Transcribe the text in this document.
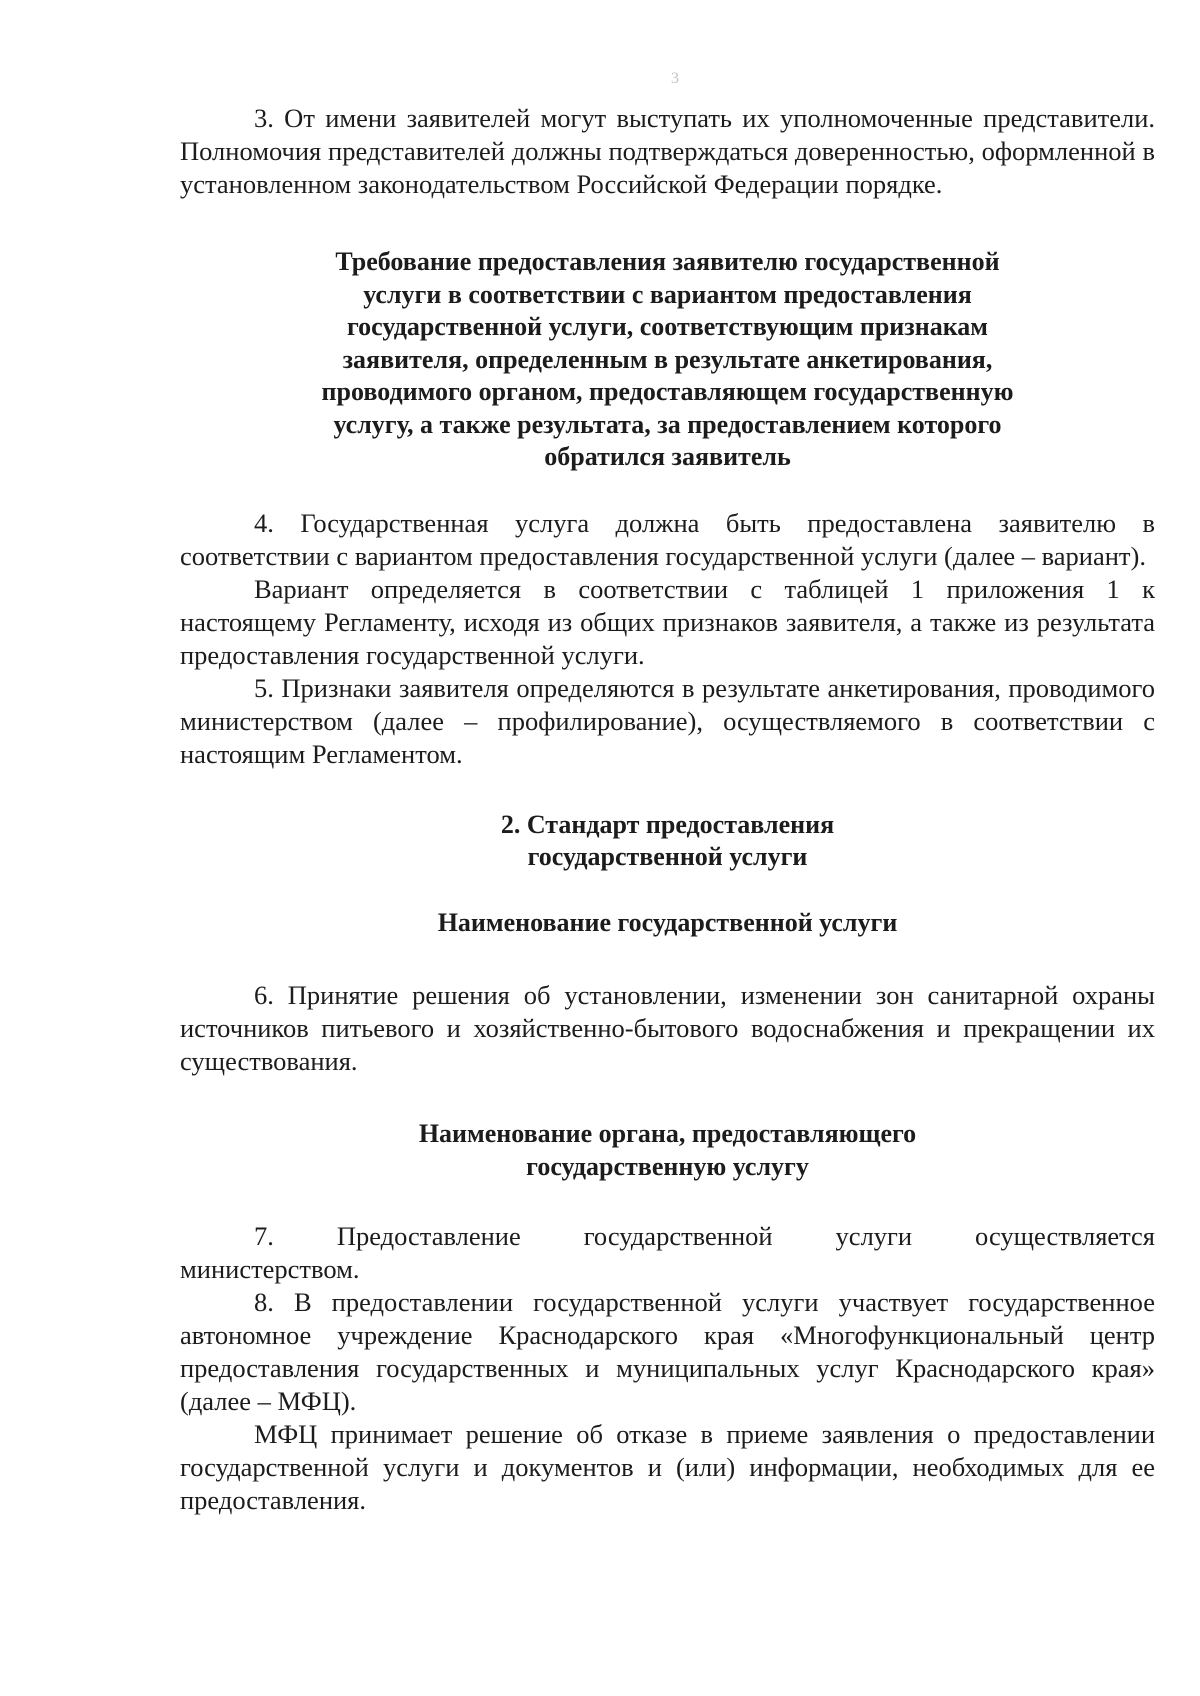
3

3. От имени заявителей могут выступать их уполномоченные представители. Полномочия представителей должны подтверждаться доверенностью, оформленной в установленном законодательством Российской Федерации порядке.

Требование предоставления заявителю государственной
услуги в соответствии с вариантом предоставления
государственной услуги, соответствующим признакам
заявителя, определенным в результате анкетирования,
проводимого органом, предоставляющем государственную
услугу, а также результата, за предоставлением которого
обратился заявитель

4. Государственная услуга должна быть предоставлена заявителю в соответствии с вариантом предоставления государственной услуги (далее – вариант).

Вариант определяется в соответствии с таблицей 1 приложения 1 к настоящему Регламенту, исходя из общих признаков заявителя, а также из результата предоставления государственной услуги.

5. Признаки заявителя определяются в результате анкетирования, проводимого министерством (далее – профилирование), осуществляемого в соответствии с настоящим Регламентом.

2. Стандарт предоставления
государственной услуги
Наименование государственной услуги

6. Принятие решения об установлении, изменении зон санитарной охраны источников питьевого и хозяйственно-бытового водоснабжения и прекращении их существования.

Наименование органа, предоставляющего
государственную услугу

7. Предоставление государственной услуги осуществляется

министерством.

8. В предоставлении государственной услуги участвует государственное автономное учреждение Краснодарского края «Многофункциональный центр предоставления государственных и муниципальных услуг Краснодарского края» (далее – МФЦ).

МФЦ принимает решение об отказе в приеме заявления о предоставлении государственной услуги и документов и (или) информации, необходимых для ее предоставления.
